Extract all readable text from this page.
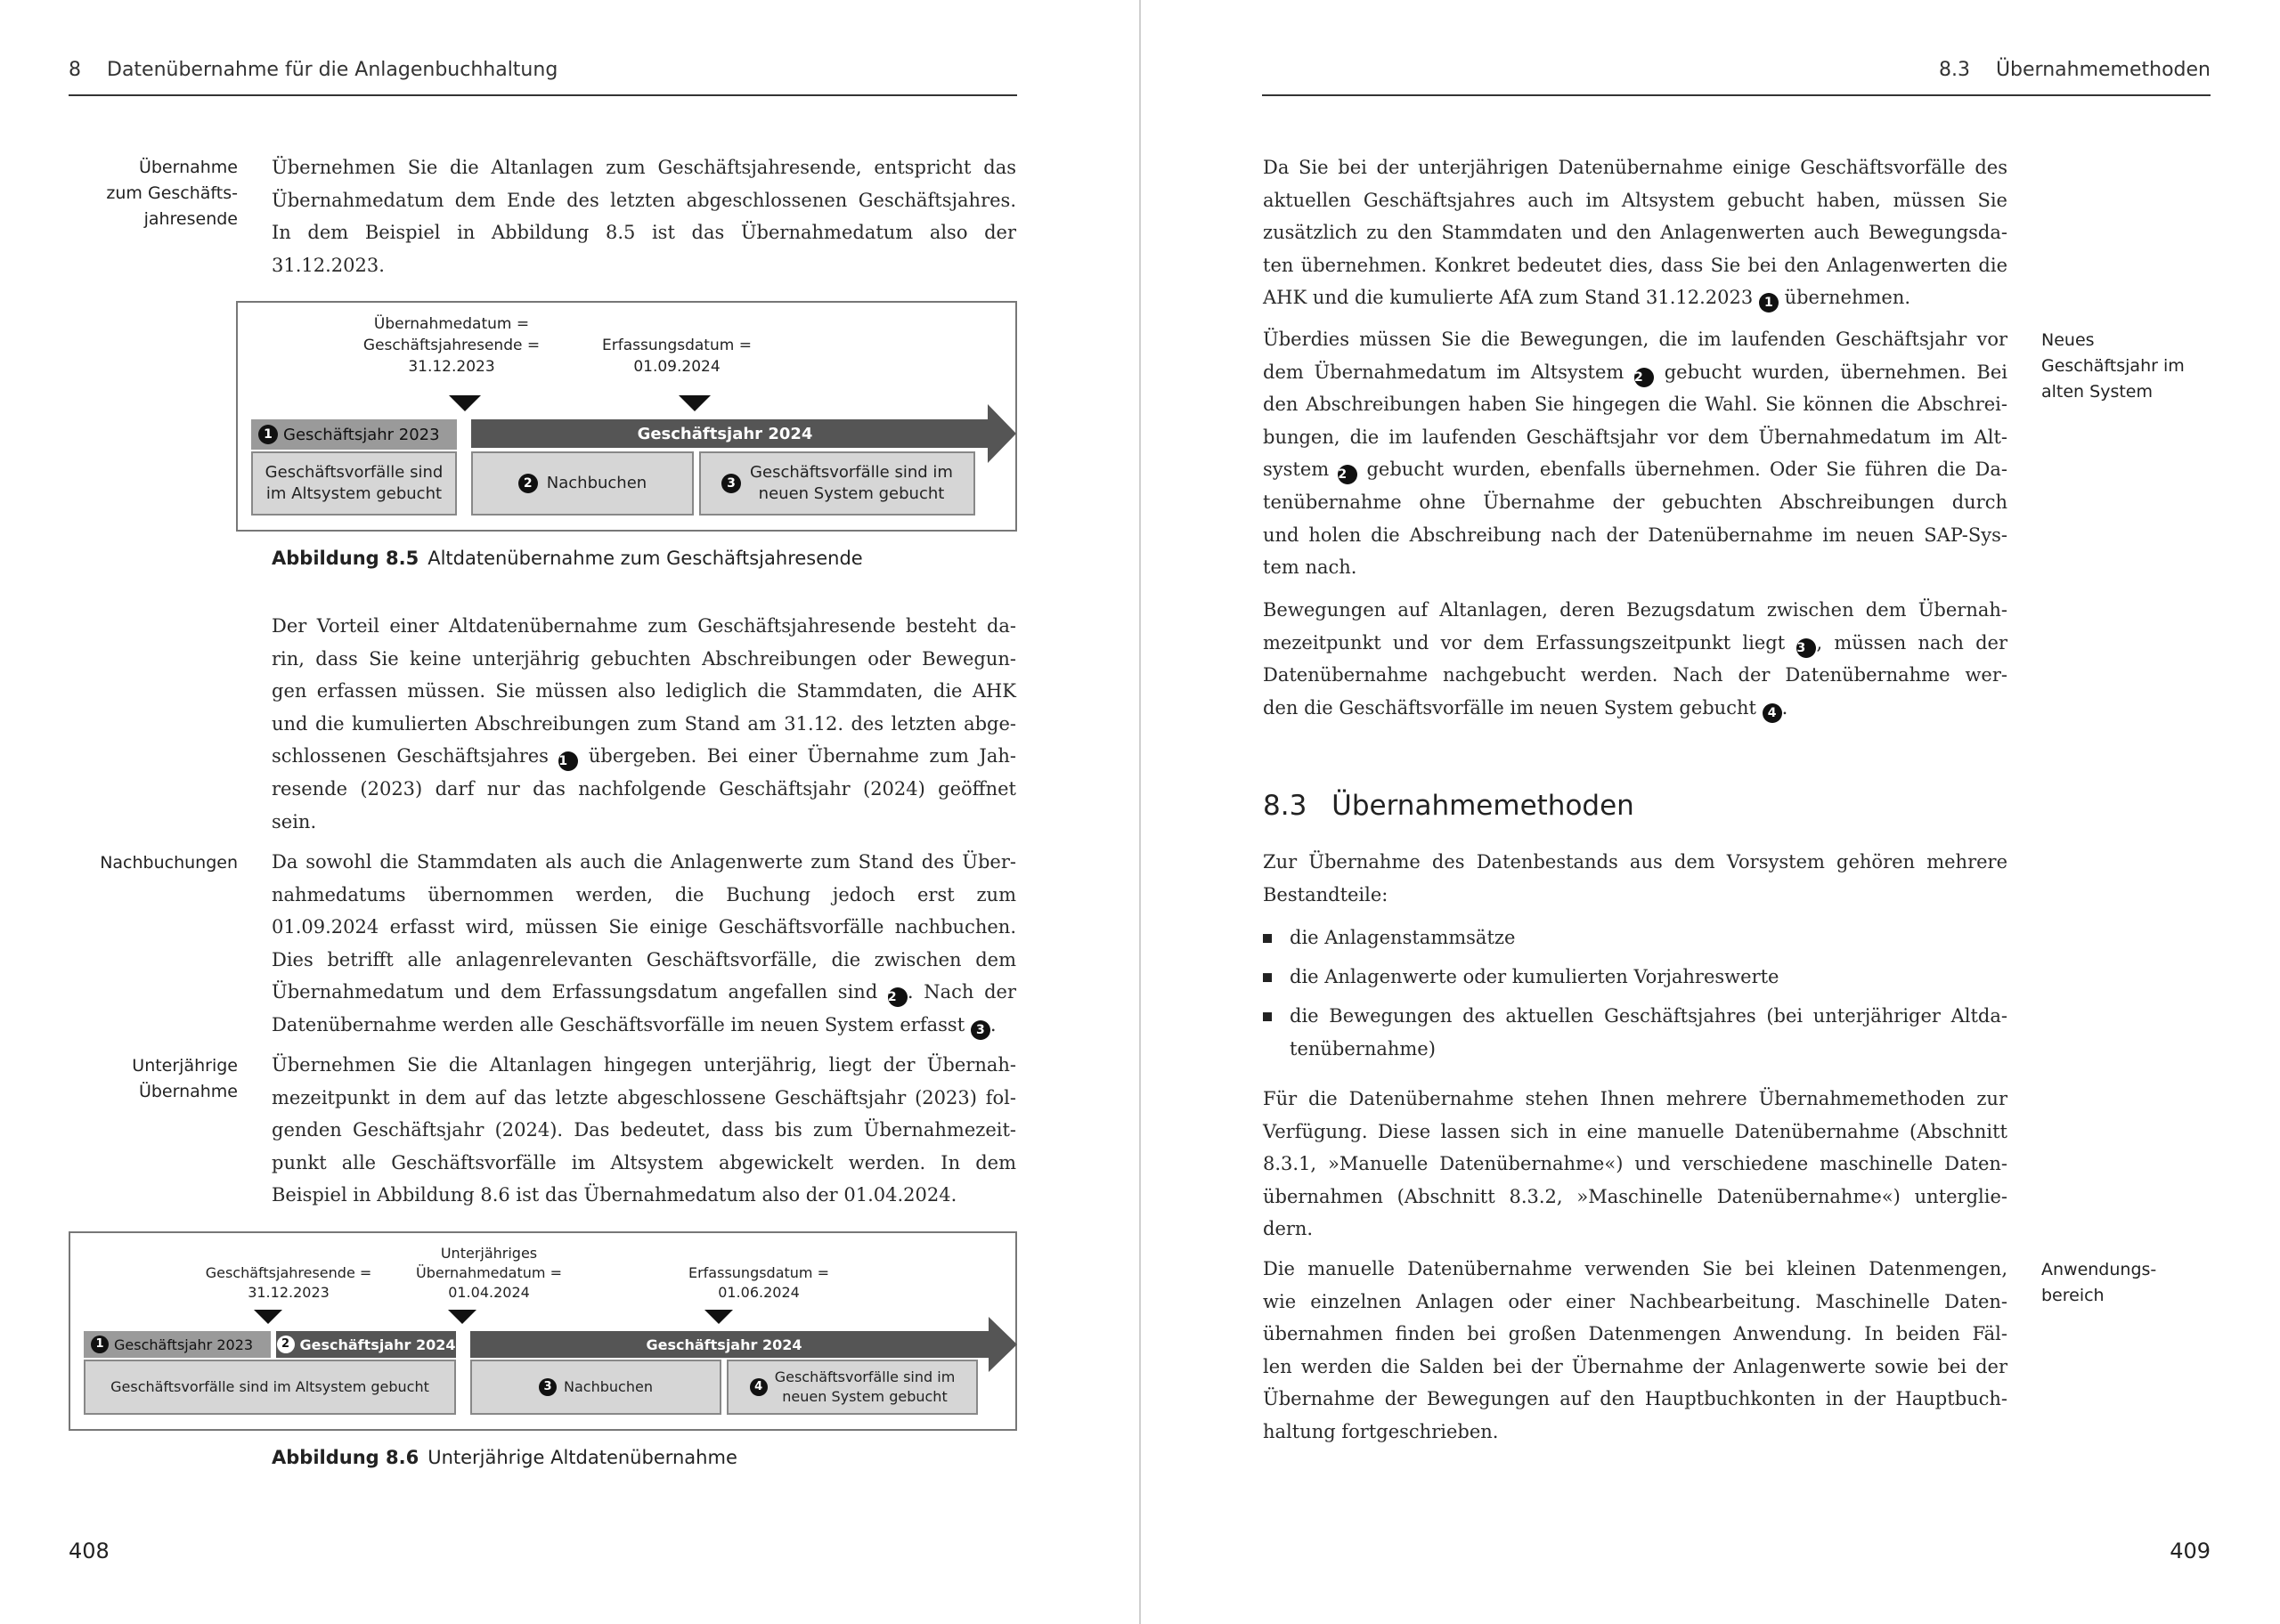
8 Datenübernahme für die Anlagenbuchhaltung
Übernahme
zum Geschäfts-
jahresende

Übernehmen Sie die Altanlagen zum Geschäftsjahresende, entspricht das

Übernahmedatum dem Ende des letzten abgeschlossenen Geschäftsjahres.

In dem Beispiel in Abbildung 8.5 ist das Übernahmedatum also der

31.12.2023.

Übernahmedatum =
Geschäftsjahresende =
31.12.2023
Erfassungsdatum =
01.09.2024
1 Geschäftsjahr 2023	Geschäftsjahr 2024
Geschäftsvorfälle sind
im Altsystem gebucht
2 Nachbuchen	3
Geschäftsvorfälle sind im
neuen System gebucht
Abbildung 8.5 Altdatenübernahme zum Geschäftsjahresende

Der Vorteil einer Altdatenübernahme zum Geschäftsjahresende besteht da-

rin, dass Sie keine unterjährig gebuchten Abschreibungen oder Bewegun-

gen erfassen müssen. Sie müssen also lediglich die Stammdaten, die AHK

und die kumulierten Abschreibungen zum Stand am 31.12. des letzten abge-

schlossenen Geschäftsjahres 1 übergeben. Bei einer Übernahme zum Jah-

resende (2023) darf nur das nachfolgende Geschäftsjahr (2024) geöffnet

sein.

Nachbuchungen Da sowohl die Stammdaten als auch die Anlagenwerte zum Stand des Über-

nahmedatums übernommen werden, die Buchung jedoch erst zum

01.09.2024 erfasst wird, müssen Sie einige Geschäftsvorfälle nachbuchen.

Dies betrifft alle anlagenrelevanten Geschäftsvorfälle, die zwischen dem

Übernahmedatum und dem Erfassungsdatum angefallen sind 2 . Nach der

Datenübernahme werden alle Geschäftsvorfälle im neuen System erfasst 3 .

Unterjährige
Übernahme

Übernehmen Sie die Altanlagen hingegen unterjährig, liegt der Übernah-

mezeitpunkt in dem auf das letzte abgeschlossene Geschäftsjahr (2023) fol-

genden Geschäftsjahr (2024). Das bedeutet, dass bis zum Übernahmezeit-

punkt alle Geschäftsvorfälle im Altsystem abgewickelt werden. In dem

Beispiel in Abbildung 8.6 ist das Übernahmedatum also der 01.04.2024.

Geschäftsjahresende =
31.12.2023
Unterjähriges
Übernahmedatum =
01.04.2024
Erfassungsdatum =
01.06.2024
1 Geschäftsjahr 2023	2 Geschäftsjahr 2024	Geschäftsjahr 2024
Geschäftsvorfälle sind im Altsystem gebucht	3 Nachbuchen	4
Geschäftsvorfälle sind im
neuen System gebucht
Abbildung 8.6 Unterjährige Altdatenübernahme
408
8.3 Übernahmemethoden

Da Sie bei der unterjährigen Datenübernahme einige Geschäftsvorfälle des

aktuellen Geschäftsjahres auch im Altsystem gebucht haben, müssen Sie

zusätzlich zu den Stammdaten und den Anlagenwerten auch Bewegungsda-

ten übernehmen. Konkret bedeutet dies, dass Sie bei den Anlagenwerten die

AHK und die kumulierte AfA zum Stand 31.12.2023 1 übernehmen.

Neues
Geschäftsjahr im
alten System

Überdies müssen Sie die Bewegungen, die im laufenden Geschäftsjahr vor

dem Übernahmedatum im Altsystem 2 gebucht wurden, übernehmen. Bei

den Abschreibungen haben Sie hingegen die Wahl. Sie können die Abschrei-

bungen, die im laufenden Geschäftsjahr vor dem Übernahmedatum im Alt-

system 2 gebucht wurden, ebenfalls übernehmen. Oder Sie führen die Da-

tenübernahme ohne Übernahme der gebuchten Abschreibungen durch

und holen die Abschreibung nach der Datenübernahme im neuen SAP-Sys-

tem nach.

Bewegungen auf Altanlagen, deren Bezugsdatum zwischen dem Übernah-

mezeitpunkt und vor dem Erfassungszeitpunkt liegt 3 , müssen nach der

Datenübernahme nachgebucht werden. Nach der Datenübernahme wer-

den die Geschäftsvorfälle im neuen System gebucht 4 .

8.3 Übernahmemethoden

Zur Übernahme des Datenbestands aus dem Vorsystem gehören mehrere

Bestandteile:

die Anlagenstammsätze
die Anlagenwerte oder kumulierten Vorjahreswerte
die Bewegungen des aktuellen Geschäftsjahres (bei unterjähriger Altda-
tenübernahme)

Für die Datenübernahme stehen Ihnen mehrere Übernahmemethoden zur

Verfügung. Diese lassen sich in eine manuelle Datenübernahme (Abschnitt

8.3.1, »Manuelle Datenübernahme«) und verschiedene maschinelle Daten-

übernahmen (Abschnitt 8.3.2, »Maschinelle Datenübernahme«) unterglie-

dern.

Anwendungs-
bereich

Die manuelle Datenübernahme verwenden Sie bei kleinen Datenmengen,

wie einzelnen Anlagen oder einer Nachbearbeitung. Maschinelle Daten-

übernahmen finden bei großen Datenmengen Anwendung. In beiden Fäl-

len werden die Salden bei der Übernahme der Anlagenwerte sowie bei der

Übernahme der Bewegungen auf den Hauptbuchkonten in der Hauptbuch-

haltung fortgeschrieben.

409
